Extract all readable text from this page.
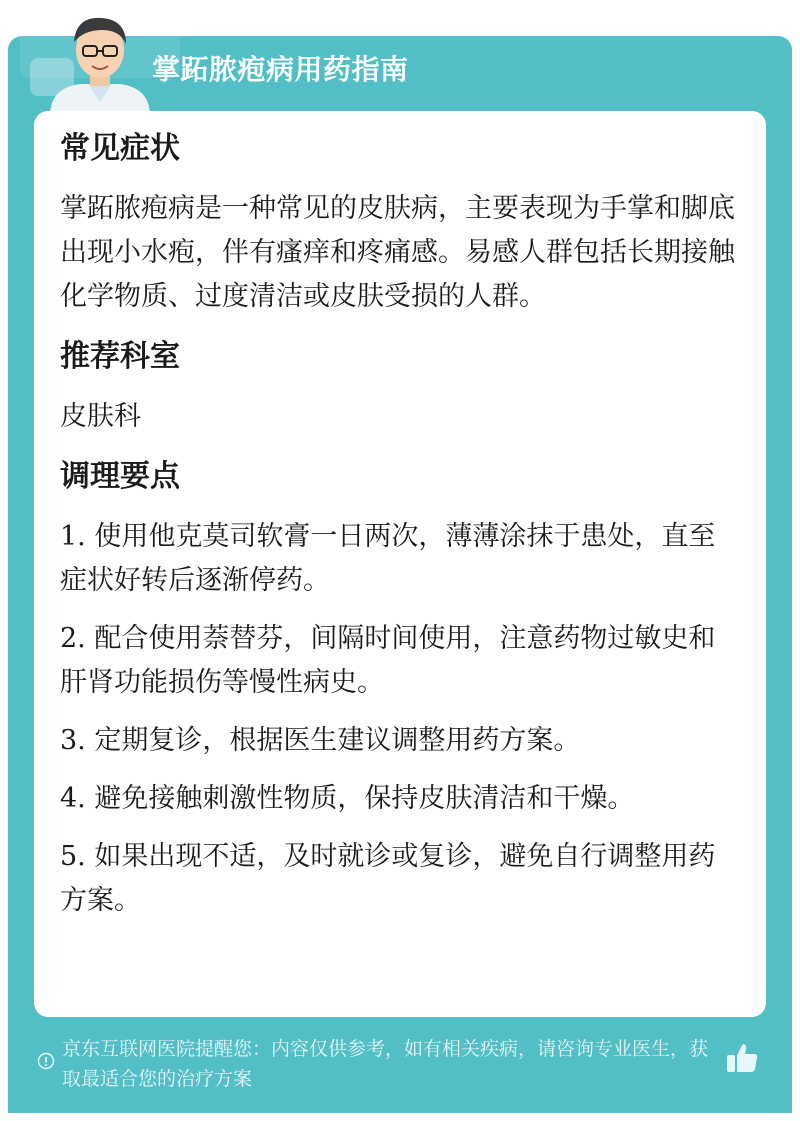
掌跖脓疱病用药指南
常见症状

掌跖脓疱病是一种常见的皮肤病，主要表现为手掌和脚底出现小水疱，伴有瘙痒和疼痛感。易感人群包括长期接触化学物质、过度清洁或皮肤受损的人群。

推荐科室

皮肤科

调理要点
1. 使用他克莫司软膏一日两次，薄薄涂抹于患处，直至症状好转后逐渐停药。
2. 配合使用萘替芬，间隔时间使用，注意药物过敏史和肝肾功能损伤等慢性病史。
3. 定期复诊，根据医生建议调整用药方案。
4. 避免接触刺激性物质，保持皮肤清洁和干燥。
5. 如果出现不适，及时就诊或复诊，避免自行调整用药方案。
京东互联网医院提醒您：内容仅供参考，如有相关疾病，请咨询专业医生，获取最适合您的治疗方案
